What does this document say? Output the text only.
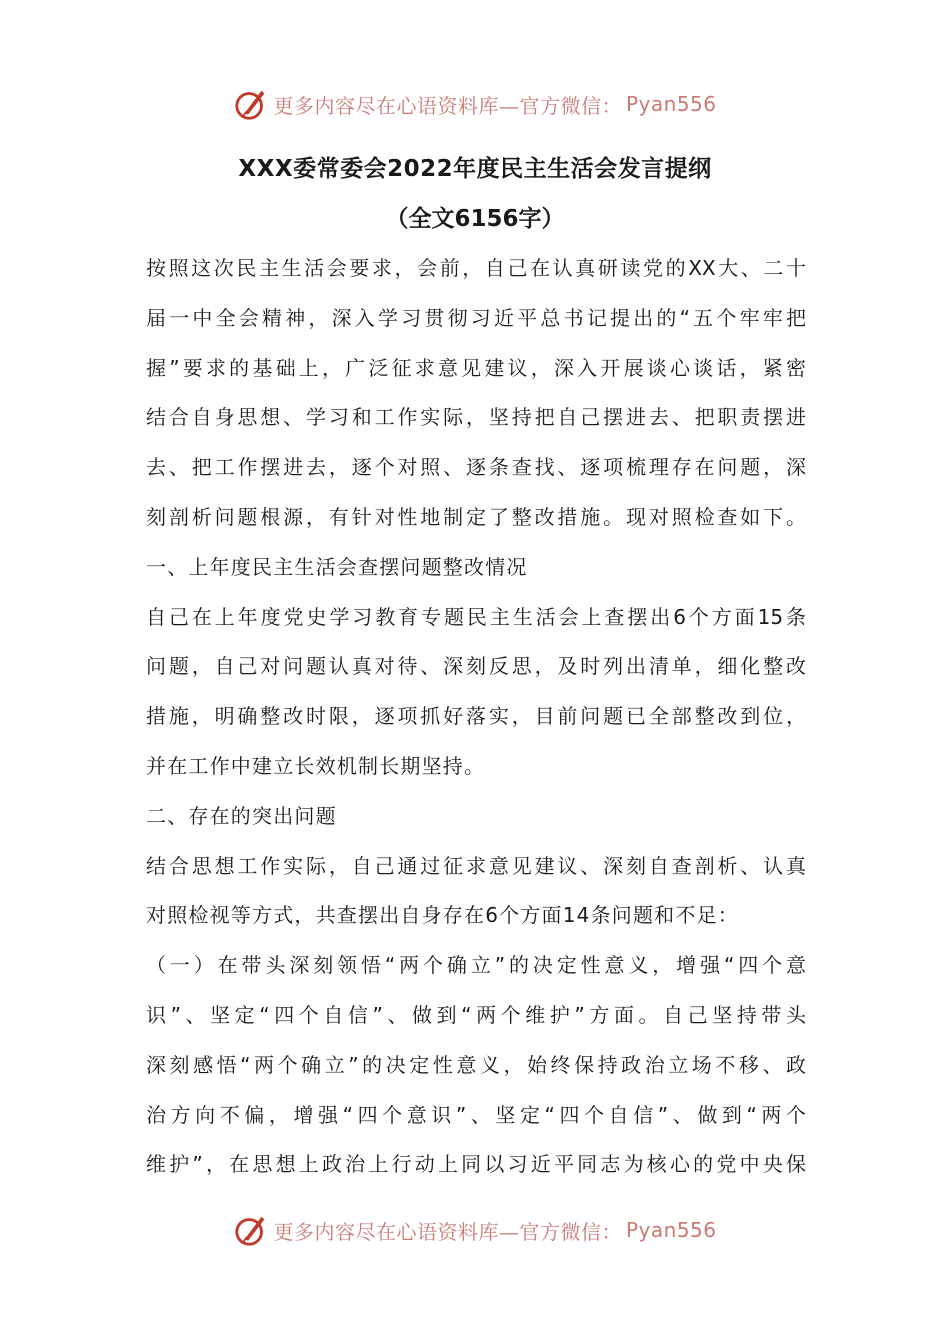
更多内容尽在心语资料库—官方微信： Pyan556
XXX委常委会2022年度民主生活会发言提纲
（全文6156字）
按照这次民主生活会要求，会前，自己在认真研读党的XX大、二十
届一中全会精神，深入学习贯彻习近平总书记提出的“五个牢牢把
握”要求的基础上，广泛征求意见建议，深入开展谈心谈话，紧密
结合自身思想、学习和工作实际，坚持把自己摆进去、把职责摆进
去、把工作摆进去，逐个对照、逐条查找、逐项梳理存在问题，深
刻剖析问题根源，有针对性地制定了整改措施。现对照检查如下。
一、上年度民主生活会查摆问题整改情况
自己在上年度党史学习教育专题民主生活会上查摆出6个方面15条
问题，自己对问题认真对待、深刻反思，及时列出清单，细化整改
措施，明确整改时限，逐项抓好落实，目前问题已全部整改到位，
并在工作中建立长效机制长期坚持。
二、存在的突出问题
结合思想工作实际，自己通过征求意见建议、深刻自查剖析、认真
对照检视等方式，共查摆出自身存在6个方面14条问题和不足：
（一）在带头深刻领悟“两个确立”的决定性意义，增强“四个意
识”、坚定“四个自信”、做到“两个维护”方面。自己坚持带头
深刻感悟“两个确立”的决定性意义，始终保持政治立场不移、政
治方向不偏，增强“四个意识”、坚定“四个自信”、做到“两个
维护”，在思想上政治上行动上同以习近平同志为核心的党中央保
更多内容尽在心语资料库—官方微信： Pyan556
